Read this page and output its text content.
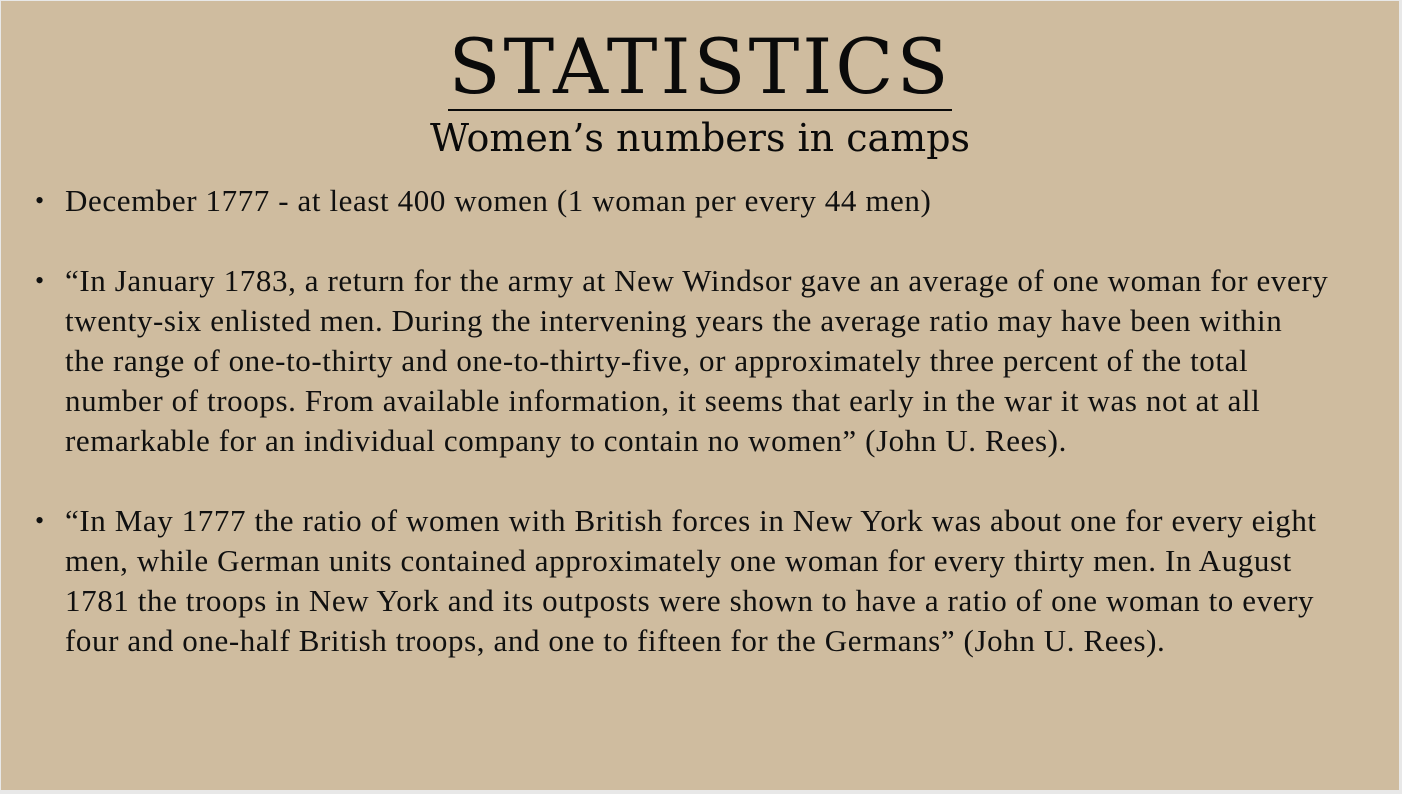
STATISTICS
Women’s numbers in camps
• December 1777 - at least 400 women (1 woman per every 44 men)
• “In January 1783, a return for the army at New Windsor gave an average of one woman for every twenty-six enlisted men. During the intervening years the average ratio may have been within the range of one-to-thirty and one-to-thirty-five, or approximately three percent of the total number of troops. From available information, it seems that early in the war it was not at all remarkable for an individual company to contain no women” (John U. Rees).
• “In May 1777 the ratio of women with British forces in New York was about one for every eight men, while German units contained approximately one woman for every thirty men. In August 1781 the troops in New York and its outposts were shown to have a ratio of one woman to every four and one-half British troops, and one to fifteen for the Germans” (John U. Rees).
